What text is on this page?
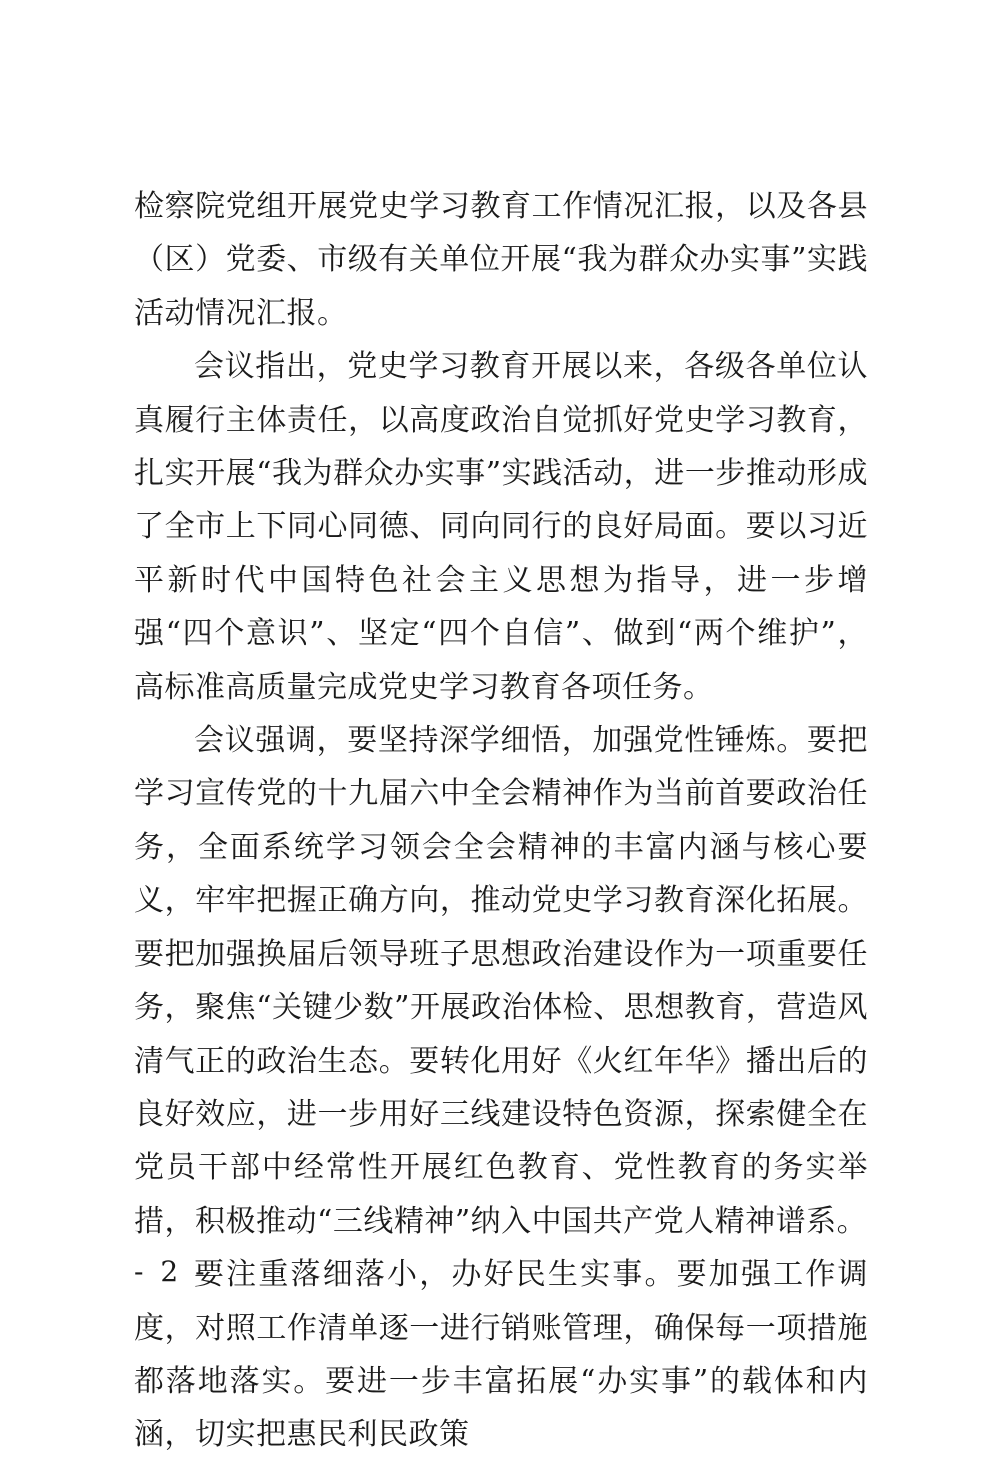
检察院党组开展党史学习教育工作情况汇报，以及各县（区）党委、市级有关单位开展“我为群众办实事”实践活动情况汇报。

会议指出，党史学习教育开展以来，各级各单位认真履行主体责任，以高度政治自觉抓好党史学习教育，扎实开展“我为群众办实事”实践活动，进一步推动形成了全市上下同心同德、同向同行的良好局面。要以习近平新时代中国特色社会主义思想为指导，进一步增强“四个意识”、坚定“四个自信”、做到“两个维护”，高标准高质量完成党史学习教育各项任务。

会议强调，要坚持深学细悟，加强党性锤炼。要把学习宣传党的十九届六中全会精神作为当前首要政治任务，全面系统学习领会全会精神的丰富内涵与核心要义，牢牢把握正确方向，推动党史学习教育深化拓展。要把加强换届后领导班子思想政治建设作为一项重要任务，聚焦“关键少数”开展政治体检、思想教育，营造风清气正的政治生态。要转化用好《火红年华》播出后的良好效应，进一步用好三线建设特色资源，探索健全在党员干部中经常性开展红色教育、党性教育的务实举措，积极推动“三线精神”纳入中国共产党人精神谱系。

要注重落细落小，办好民生实事。要加强工作调度，对照工作清单逐一进行销账管理，确保每一项措施都落地落实。要进一步丰富拓展“办实事”的载体和内涵，切实把惠民利民政策

- 2 -
